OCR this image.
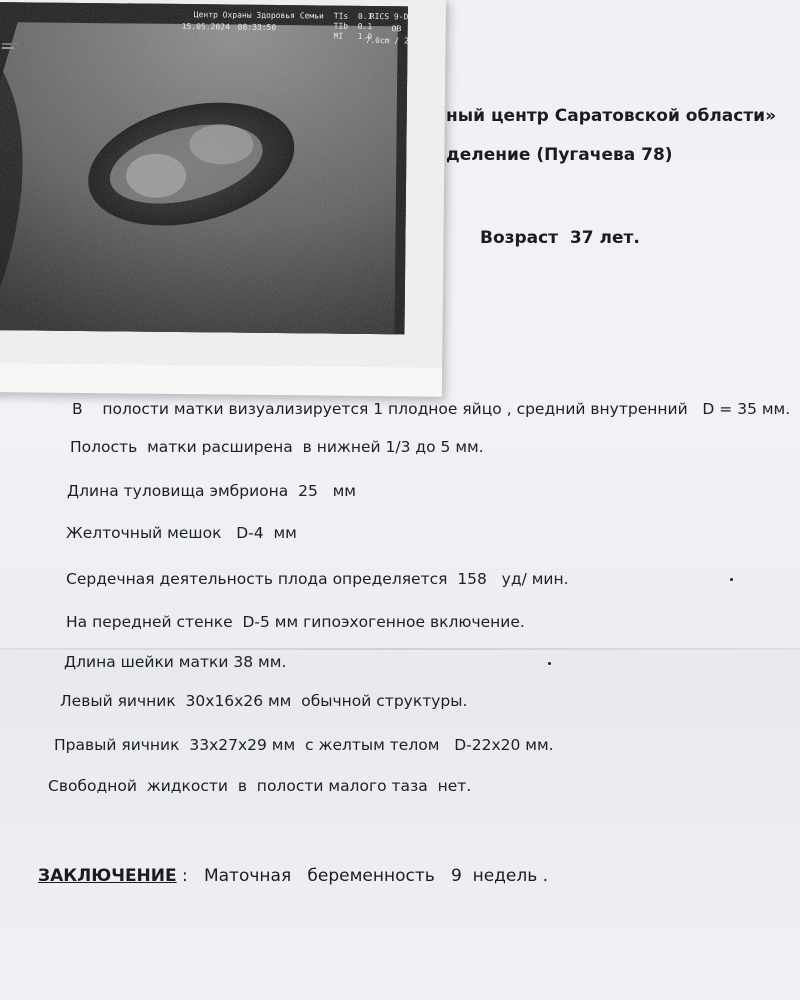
ный центр Саратовской области»
деление (Пугачева 78)
Возраст  37 лет.
В    полости матки визуализируется 1 плодное яйцо , средний внутренний   D = 35 мм.
Полость  матки расширена  в нижней 1/3 до 5 мм.
Длина туловища эмбриона  25   мм
Желточный мешок   D-4  мм
Сердечная деятельность плода определяется  158   уд/ мин.
На передней стенке  D-5 мм гипоэхогенное включение.
Длина шейки матки 38 мм.
Левый яичник  30х16х26 мм  обычной структуры.
Правый яичник  33х27х29 мм  с желтым телом   D-22х20 мм.
Свободной  жидкости  в  полости малого таза  нет.
ЗАКЛЮЧЕНИЕ :   Маточная   беременность   9  недель .
Центр Охраны Здоровья Семьи
15.05.2024 08:33:50
TIs  0.1
TIb  0.1
MI   1.0
RICS 9-D
OB
7.0cm / 2.7
